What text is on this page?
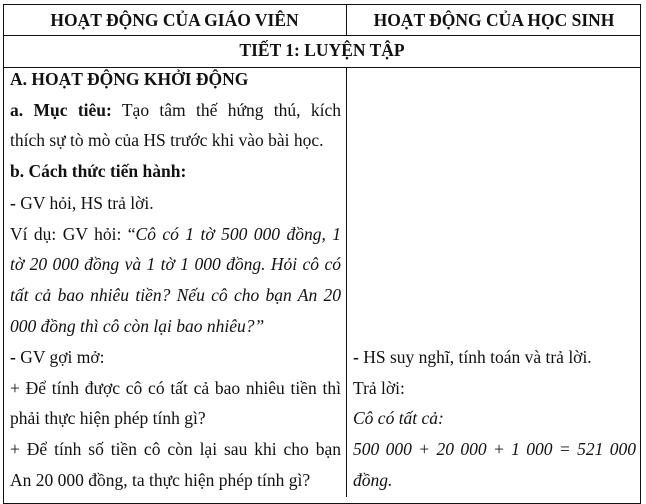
HOẠT ĐỘNG CỦA GIÁO VIÊN	HOẠT ĐỘNG CỦA HỌC SINH
TIẾT 1: LUYỆN TẬP
A. HOẠT ĐỘNG KHỞI ĐỘNG
a. Mục tiêu: Tạo tâm thế hứng thú, kích
thích sự tò mò của HS trước khi vào bài học.
b. Cách thức tiến hành:
- GV hỏi, HS trả lời.
Ví dụ: GV hỏi: “Cô có 1 tờ 500 000 đồng, 1
tờ 20 000 đồng và 1 tờ 1 000 đồng. Hỏi cô có
tất cả bao nhiêu tiền? Nếu cô cho bạn An 20
000 đồng thì cô còn lại bao nhiêu?”
- GV gợi mở:
+ Để tính được cô có tất cả bao nhiêu tiền thì
phải thực hiện phép tính gì?
+ Để tính số tiền cô còn lại sau khi cho bạn
An 20 000 đồng, ta thực hiện phép tính gì?
- HS suy nghĩ, tính toán và trả lời.
Trả lời:
Cô có tất cả:
500 000 + 20 000 + 1 000 = 521 000
đồng.
